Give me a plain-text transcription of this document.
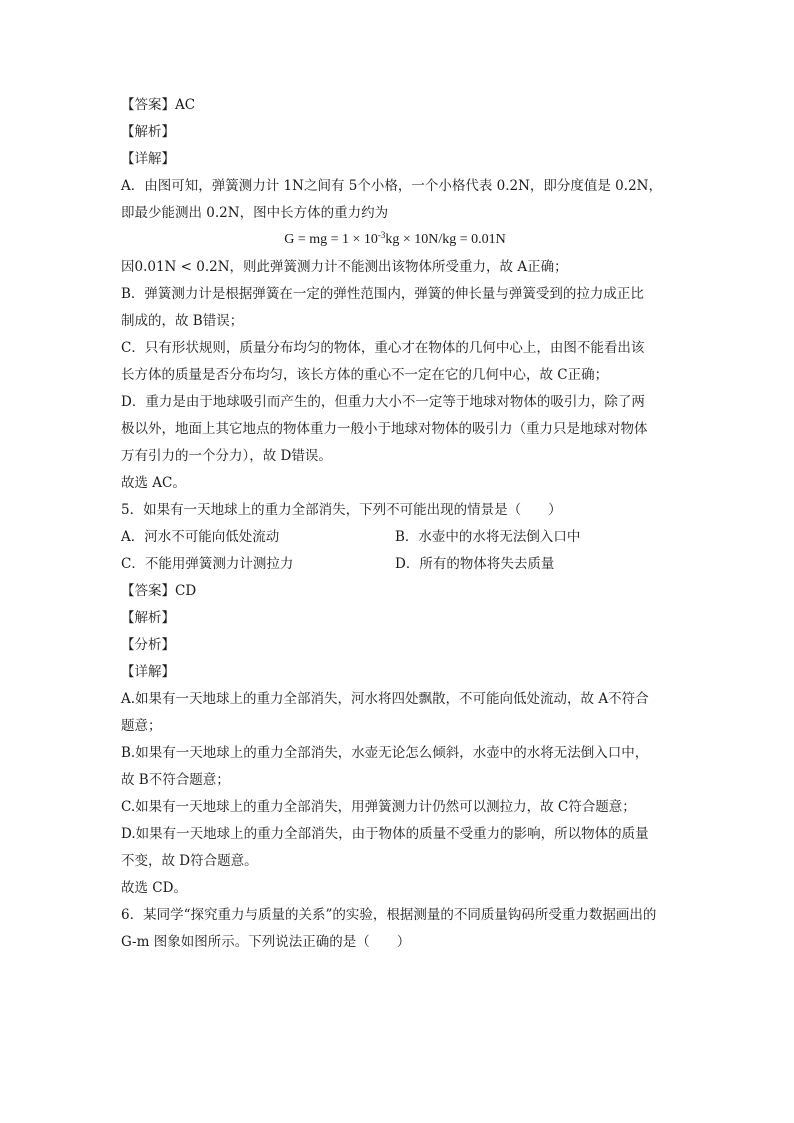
【答案】AC
【解析】
【详解】
A．由图可知，弹簧测力计 1N之间有 5个小格，一个小格代表 0.2N，即分度值是 0.2N，
即最少能测出 0.2N，图中长方体的重力约为
G = mg = $1 \times 10^{-3}kg \times 10N/kg = 0.01N$
因0.01N < 0.2N，则此弹簧测力计不能测出该物体所受重力，故 A正确；
B．弹簧测力计是根据弹簧在一定的弹性范围内，弹簧的伸长量与弹簧受到的拉力成正比
制成的，故 B错误；
C．只有形状规则，质量分布均匀的物体，重心才在物体的几何中心上，由图不能看出该
长方体的质量是否分布均匀，该长方体的重心不一定在它的几何中心，故 C正确；
D．重力是由于地球吸引而产生的，但重力大小不一定等于地球对物体的吸引力，除了两
极以外，地面上其它地点的物体重力一般小于地球对物体的吸引力（重力只是地球对物体
万有引力的一个分力），故 D错误。
故选 AC。
5．如果有一天地球上的重力全部消失，下列不可能出现的情景是（　　）
A．河水不可能向低处流动	B．水壶中的水将无法倒入口中
C．不能用弹簧测力计测拉力	D．所有的物体将失去质量
【答案】CD
【解析】
【分析】
【详解】
A.如果有一天地球上的重力全部消失，河水将四处飘散，不可能向低处流动，故 A不符合
题意；
B.如果有一天地球上的重力全部消失，水壶无论怎么倾斜，水壶中的水将无法倒入口中，
故 B不符合题意；
C.如果有一天地球上的重力全部消失，用弹簧测力计仍然可以测拉力，故 C符合题意；
D.如果有一天地球上的重力全部消失，由于物体的质量不受重力的影响，所以物体的质量
不变，故 D符合题意。
故选 CD。
6．某同学“探究重力与质量的关系”的实验，根据测量的不同质量钩码所受重力数据画出的
G-m 图象如图所示。下列说法正确的是（　　）
